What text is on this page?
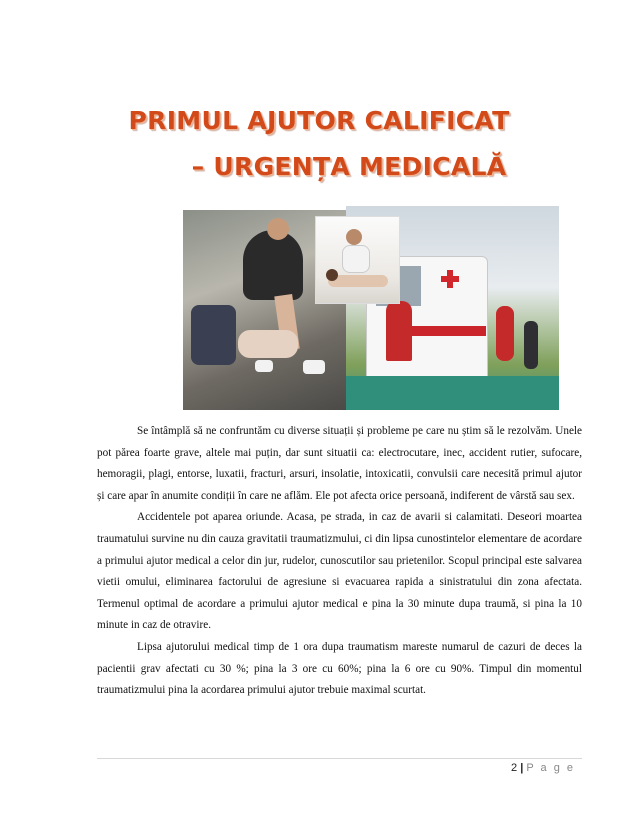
PRIMUL AJUTOR CALIFICAT
– URGENȚA MEDICALĂ

Se întâmplă să ne confruntăm cu diverse situații și probleme pe care nu știm să le rezolvăm. Unele pot părea foarte grave, altele mai puțin, dar sunt situatii ca: electrocutare, inec, accident rutier, sufocare, hemoragii, plagi, entorse, luxatii, fracturi, arsuri, insolatie, intoxicatii, convulsii care necesită primul ajutor și care apar în anumite condiții în care ne aflăm. Ele pot afecta orice persoană, indiferent de vârstă sau sex.

Accidentele pot aparea oriunde. Acasa, pe strada, in caz de avarii si calamitati. Deseori moartea traumatului survine nu din cauza gravitatii traumatizmului, ci din lipsa cunostintelor elementare de acordare a primului ajutor medical a celor din jur, rudelor, cunoscutilor sau prietenilor. Scopul principal este salvarea vietii omului, eliminarea factorului de agresiune si evacuarea rapida a sinistratului din zona afectata. Termenul optimal de acordare a primului ajutor medical e pina la 30 minute dupa traumă, si pina la 10 minute in caz de otravire.

Lipsa ajutorului medical timp de 1 ora dupa traumatism mareste numarul de cazuri de deces la pacientii grav afectati cu 30 %; pina la 3 ore cu 60%; pina la 6 ore cu 90%. Timpul din momentul traumatizmului pina la acordarea primului ajutor trebuie maximal scurtat.

2 | P a g e
